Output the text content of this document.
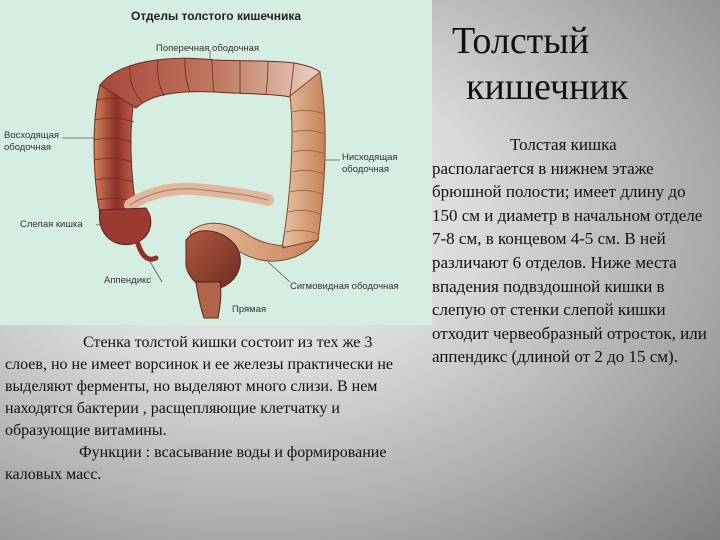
Отделы толстого кишечника
Поперечная ободочная
Восходящая
ободочная
Нисходящая
ободочная
Слепая кишка
Аппендикс
Сигмовидная ободочная
Прямая
Толстый
кишечник
Толстая кишка располагается в нижнем этаже брюшной полости; имеет длину до 150 см и диаметр в начальном отделе 7-8 см, в концевом 4-5 см. В ней различают 6 отделов. Ниже места впадения подвздошной кишки в слепую от стенки слепой кишки отходит червеобразный отросток, или аппендикс (длиной от 2 до 15 см).
Стенка толстой кишки состоит из тех же 3 слоев, но не имеет ворсинок и ее железы практически не выделяют ферменты, но выделяют много слизи. В нем находятся бактерии , расщепляющие клетчатку и образующие витамины.
Функции : всасывание воды и формирование каловых масс.
